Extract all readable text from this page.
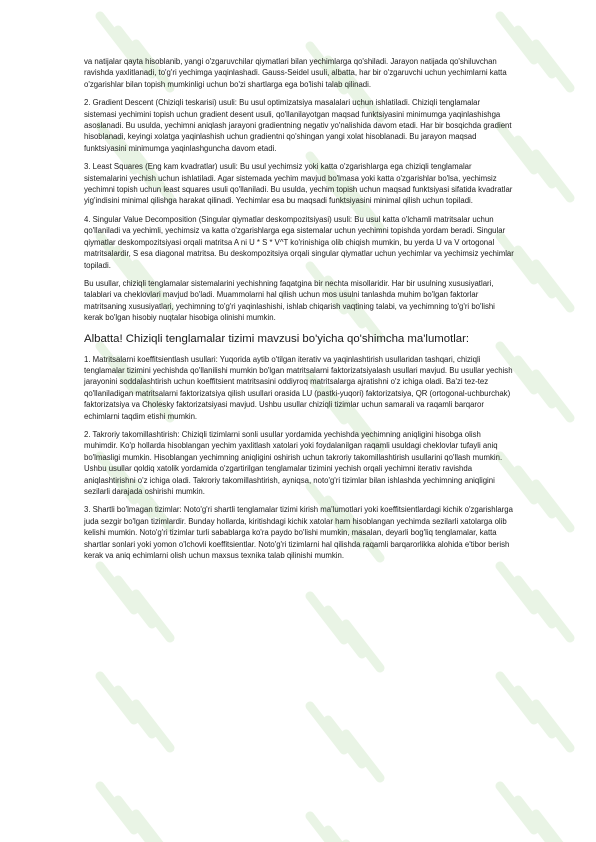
va natijalar qayta hisoblanib, yangi o'zgaruvchilar qiymatlari bilan yechimlarga qo'shiladi. Jarayon natijada qo'shiluvchan ravishda yaxlitlanadi, to'g'ri yechimga yaqinlashadi. Gauss-Seidel usuli, albatta, har bir o'zgaruvchi uchun yechimlarni katta o'zgarishlar bilan topish mumkinligi uchun bo'zi shartlarga ega bo'lishi talab qilinadi.

2. Gradient Descent (Chiziqli teskarisi) usuli: Bu usul optimizatsiya masalalari uchun ishlatiladi. Chiziqli tenglamalar sistemasi yechimini topish uchun gradient desent usuli, qo'llanilayotgan maqsad funktsiyasini minimumga yaqinlashishga asoslanadi. Bu usulda, yechimni aniqlash jarayoni gradientning negativ yo'nalishida davom etadi. Har bir bosqichda gradient hisoblanadi, keyingi xolatga yaqinlashish uchun gradientni qo'shingan yangi xolat hisoblanadi. Bu jarayon maqsad funktsiyasini minimumga yaqinlashguncha davom etadi.

3. Least Squares (Eng kam kvadratlar) usuli: Bu usul yechimsiz yoki katta o'zgarishlarga ega chiziqli tenglamalar sistemalarini yechish uchun ishlatiladi. Agar sistemada yechim mavjud bo'lmasa yoki katta o'zgarishlar bo'lsa, yechimsiz yechimni topish uchun least squares usuli qo'llaniladi. Bu usulda, yechim topish uchun maqsad funktsiyasi sifatida kvadratlar yig'indisini minimal qilishga harakat qilinadi. Yechimlar esa bu maqsadi funktsiyasini minimal qilish uchun topiladi.

4. Singular Value Decomposition (Singular qiymatlar deskompozitsiyasi) usuli: Bu usul katta o'lchamli matritsalar uchun qo'llaniladi va yechimli, yechimsiz va katta o'zgarishlarga ega sistemalar uchun yechimni topishda yordam beradi. Singular qiymatlar deskompozitsiyasi orqali matritsa A ni U * S * V^T ko'rinishiga olib chiqish mumkin, bu yerda U va V ortogonal matritsalardir, S esa diagonal matritsa. Bu deskompozitsiya orqali singular qiymatlar uchun yechimlar va yechimsiz yechimlar topiladi.

Bu usullar, chiziqli tenglamalar sistemalarini yechishning faqatgina bir nechta misollaridir. Har bir usulning xususiyatlari, talablari va cheklovlari mavjud bo'ladi. Muammolarni hal qilish uchun mos usulni tanlashda muhim bo'lgan faktorlar matritsaning xususiyatlari, yechimning to'g'ri yaqinlashishi, ishlab chiqarish vaqtining talabi, va yechimning to'g'ri bo'lishi kerak bo'lgan hisobiy nuqtalar hisobiga olinishi mumkin.

Albatta! Chiziqli tenglamalar tizimi mavzusi bo'yicha qo'shimcha ma'lumotlar:

1. Matritsalarni koeffitsientlash usullari: Yuqorida aytib o'tilgan iterativ va yaqinlashtirish usullaridan tashqari, chiziqli tenglamalar tizimini yechishda qo'llanilishi mumkin bo'lgan matritsalarni faktorizatsiyalash usullari mavjud. Bu usullar yechish jarayonini soddalashtirish uchun koeffitsient matritsasini oddiyroq matritsalarga ajratishni o'z ichiga oladi. Ba'zi tez-tez qo'llaniladigan matritsalarni faktorizatsiya qilish usullari orasida LU (pastki-yuqori) faktorizatsiya, QR (ortogonal-uchburchak) faktorizatsiya va Cholesky faktorizatsiyasi mavjud. Ushbu usullar chiziqli tizimlar uchun samarali va raqamli barqaror echimlarni taqdim etishi mumkin.

2. Takroriy takomillashtirish: Chiziqli tizimlarni sonli usullar yordamida yechishda yechimning aniqligini hisobga olish muhimdir. Ko'p hollarda hisoblangan yechim yaxlitlash xatolari yoki foydalanilgan raqamli usuldagi cheklovlar tufayli aniq bo'lmasligi mumkin. Hisoblangan yechimning aniqligini oshirish uchun takroriy takomillashtirish usullarini qo'llash mumkin. Ushbu usullar qoldiq xatolik yordamida o'zgartirilgan tenglamalar tizimini yechish orqali yechimni iterativ ravishda aniqlashtirishni o'z ichiga oladi. Takroriy takomillashtirish, ayniqsa, noto'g'ri tizimlar bilan ishlashda yechimning aniqligini sezilarli darajada oshirishi mumkin.

3. Shartli bo'lmagan tizimlar: Noto'g'ri shartli tenglamalar tizimi kirish ma'lumotlari yoki koeffitsientlardagi kichik o'zgarishlarga juda sezgir bo'lgan tizimlardir. Bunday hollarda, kiritishdagi kichik xatolar ham hisoblangan yechimda sezilarli xatolarga olib kelishi mumkin. Noto'g'ri tizimlar turli sabablarga ko'ra paydo bo'lishi mumkin, masalan, deyarli bog'liq tenglamalar, katta shartlar sonlari yoki yomon o'lchovli koeffitsientlar. Noto'g'ri tizimlarni hal qilishda raqamli barqarorlikka alohida e'tibor berish kerak va aniq echimlarni olish uchun maxsus texnika talab qilinishi mumkin.
